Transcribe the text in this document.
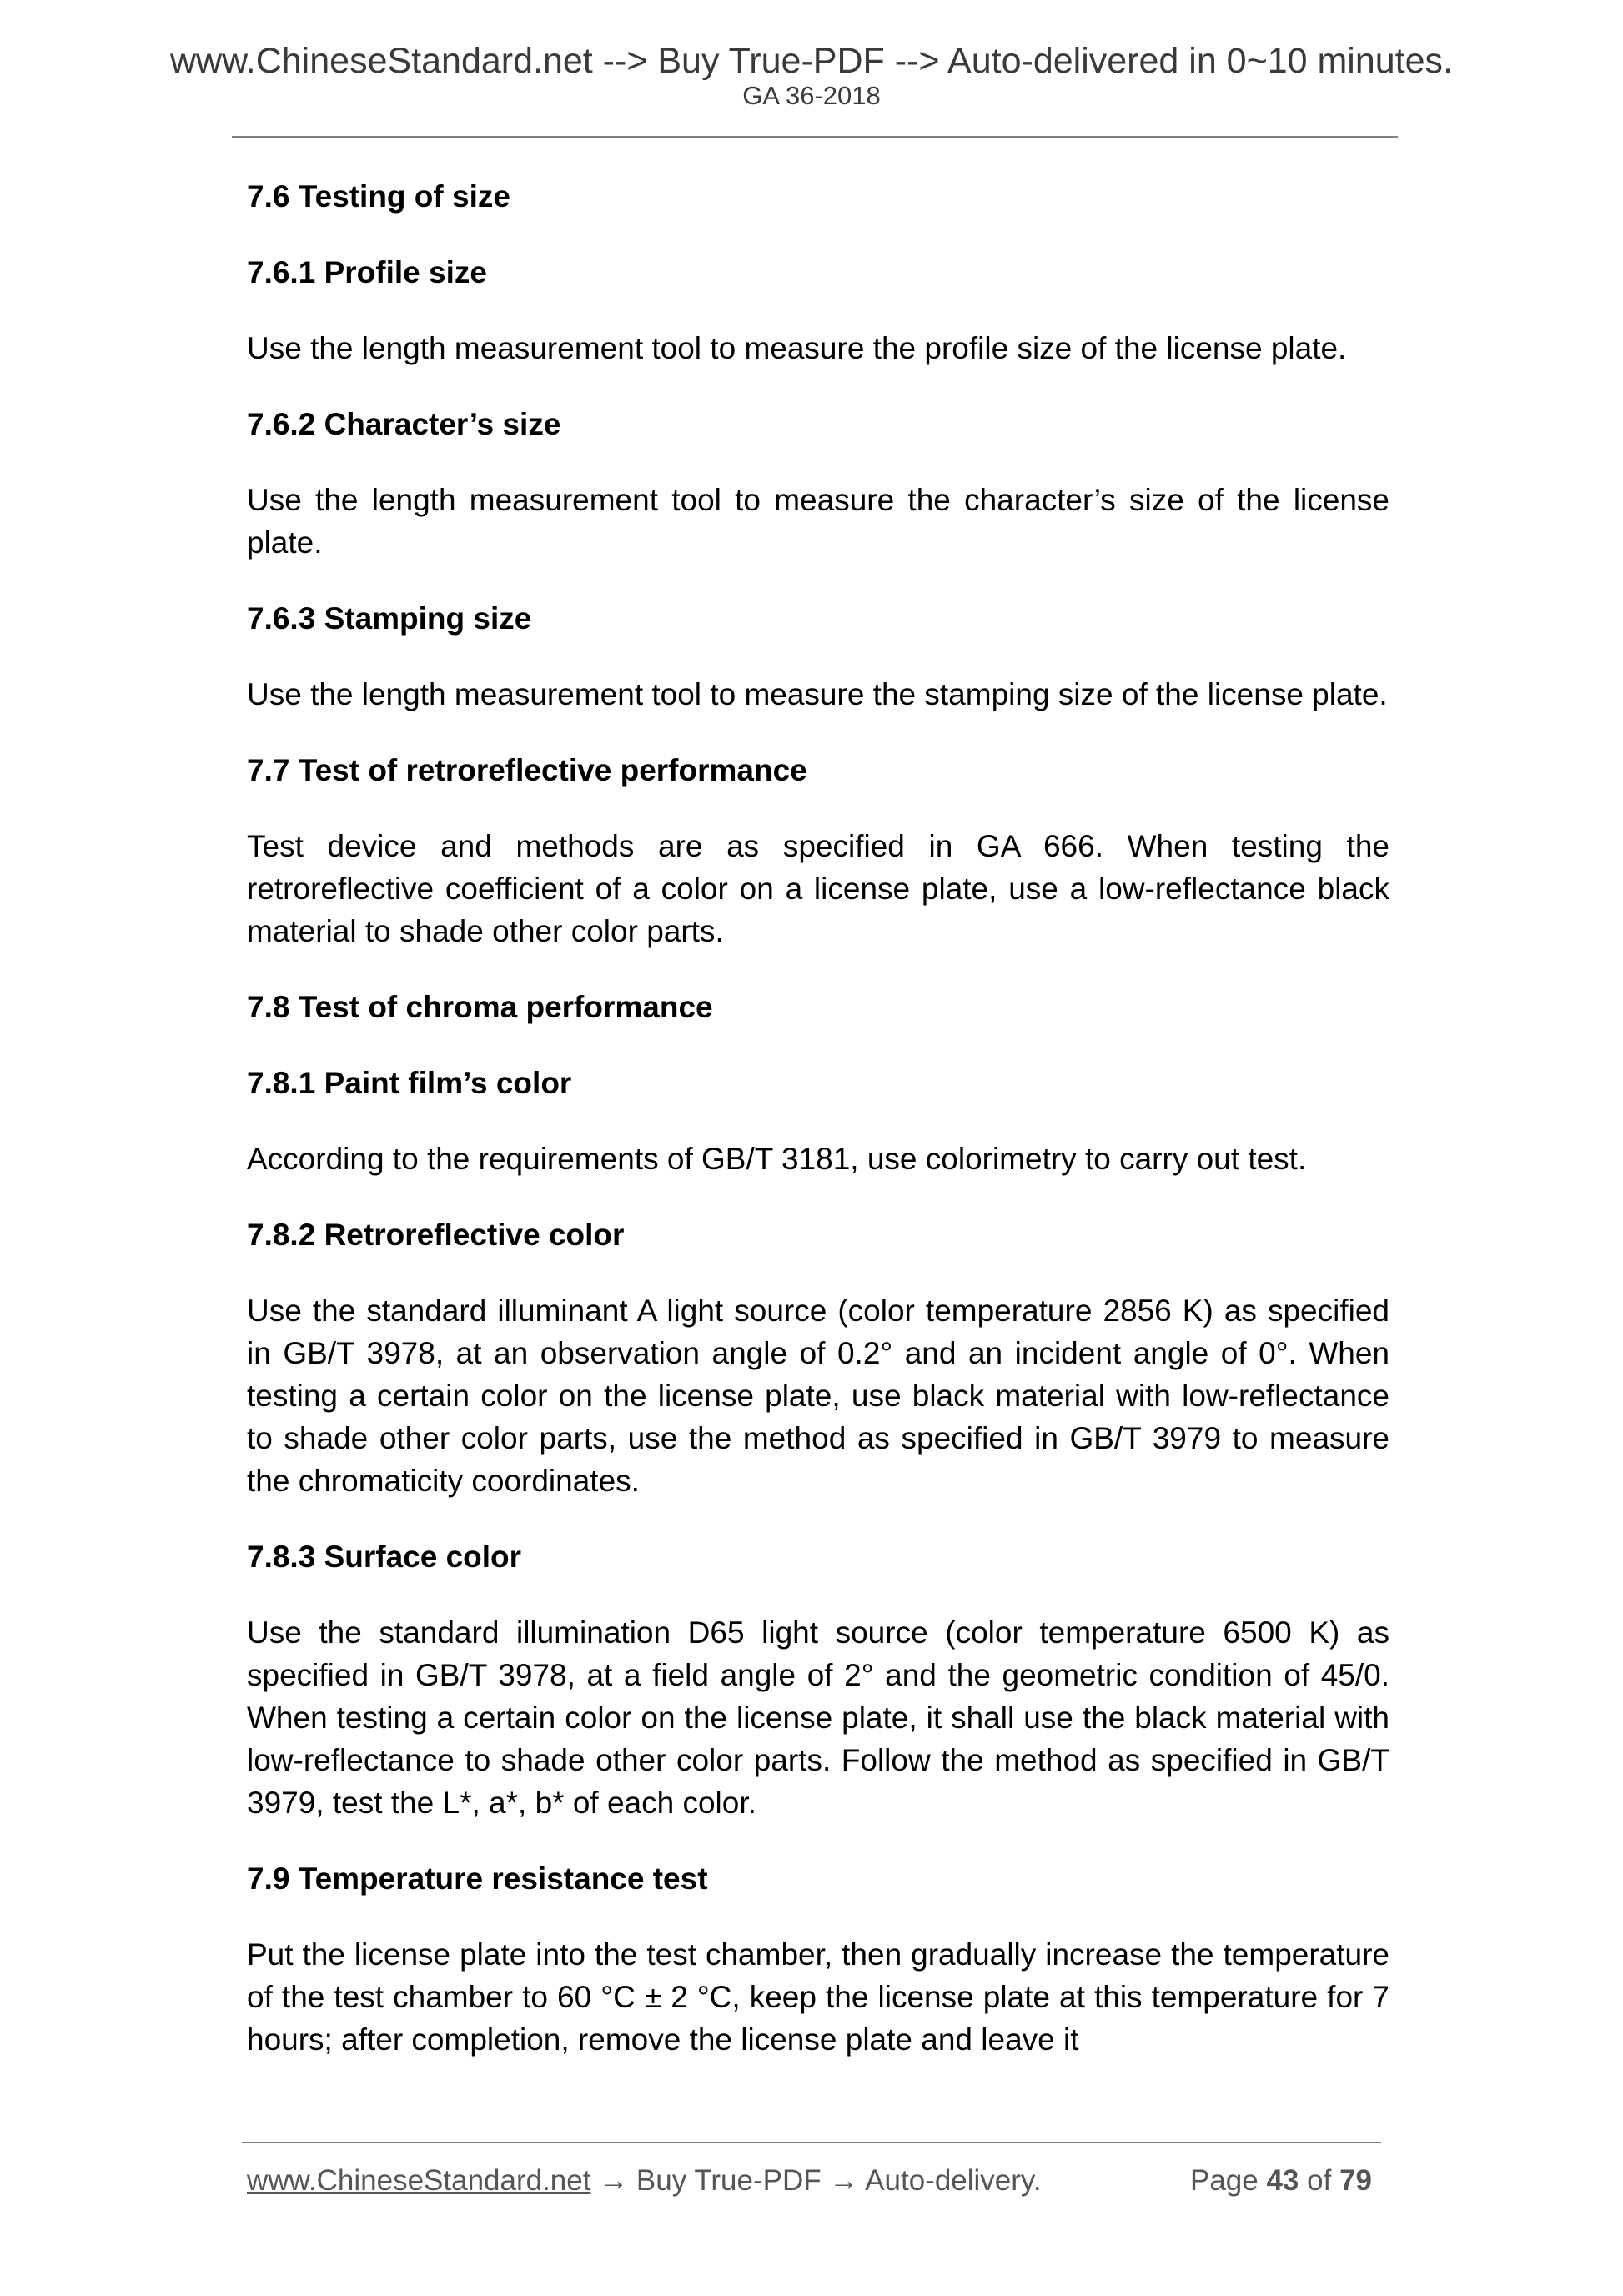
www.ChineseStandard.net --> Buy True-PDF --> Auto-delivered in 0~10 minutes.
GA 36-2018

7.6 Testing of size

7.6.1 Profile size

Use the length measurement tool to measure the profile size of the license plate.

7.6.2 Character’s size

Use the length measurement tool to measure the character’s size of the license plate.

7.6.3 Stamping size

Use the length measurement tool to measure the stamping size of the license plate.

7.7 Test of retroreflective performance

Test device and methods are as specified in GA 666. When testing the retroreflective coefficient of a color on a license plate, use a low-reflectance black material to shade other color parts.

7.8 Test of chroma performance

7.8.1 Paint film’s color

According to the requirements of GB/T 3181, use colorimetry to carry out test.

7.8.2 Retroreflective color

Use the standard illuminant A light source (color temperature 2856 K) as specified in GB/T 3978, at an observation angle of 0.2° and an incident angle of 0°. When testing a certain color on the license plate, use black material with low-reflectance to shade other color parts, use the method as specified in GB/T 3979 to measure the chromaticity coordinates.

7.8.3 Surface color

Use the standard illumination D65 light source (color temperature 6500 K) as specified in GB/T 3978, at a field angle of 2° and the geometric condition of 45/0. When testing a certain color on the license plate, it shall use the black material with low-reflectance to shade other color parts. Follow the method as specified in GB/T 3979, test the L*, a*, b* of each color.

7.9 Temperature resistance test

Put the license plate into the test chamber, then gradually increase the temperature of the test chamber to 60 °C ± 2 °C, keep the license plate at this temperature for 7 hours; after completion, remove the license plate and leave it

www.ChineseStandard.net → Buy True-PDF → Auto-delivery.	Page 43 of 79
